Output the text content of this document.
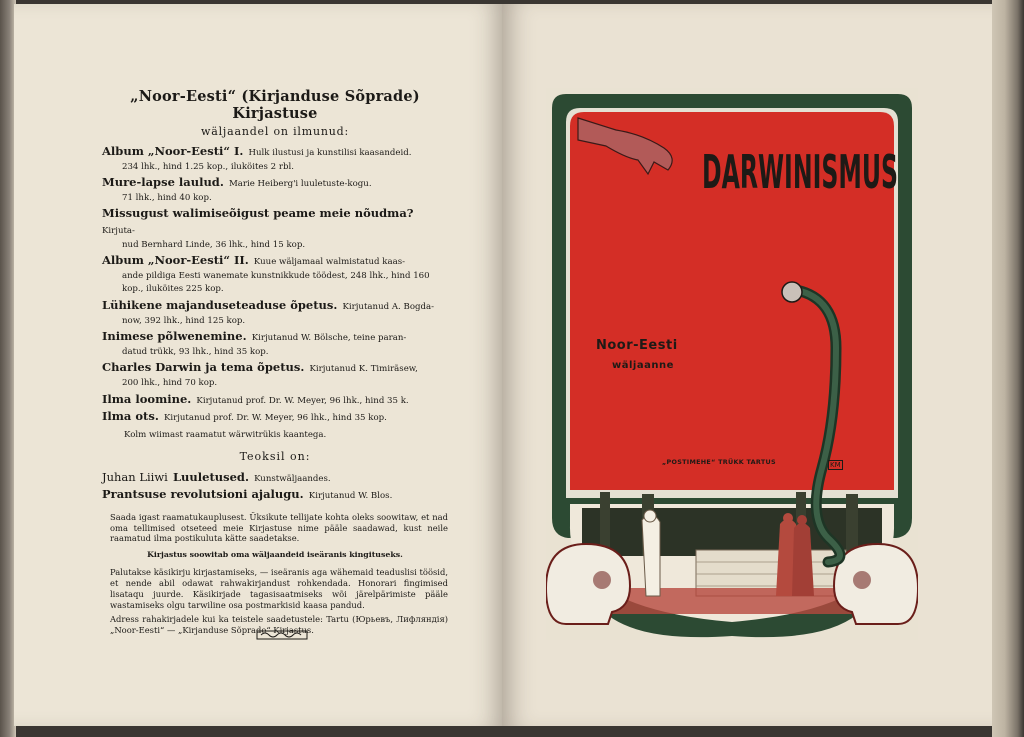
„Noor-Eesti“ (Kirjanduse Sõprade) Kirjastuse

wäljaandel on ilmunud:

Album „Noor-Eesti“ I. Hulk ilustusi ja kunstilisi kaasandeid.
234 lhk., hind 1.25 kop., iluköites 2 rbl.
Mure-lapse laulud. Marie Heiberg'i luuletuste-kogu.
71 lhk., hind 40 kop.
Missugust walimiseõigust peame meie nõudma? Kirjuta-
nud Bernhard Linde, 36 lhk., hind 15 kop.
Album „Noor-Eesti“ II. Kuue wäljamaal walmistatud kaas-
ande pildiga Eesti wanemate kunstnikkude töödest, 248 lhk., hind 160 kop., iluköites 225 kop.
Lühikene majanduseteaduse õpetus. Kirjutanud A. Bogda-
now, 392 lhk., hind 125 kop.
Inimese põlwenemine. Kirjutanud W. Bölsche, teine paran-
datud trükk, 93 lhk., hind 35 kop.
Charles Darwin ja tema õpetus. Kirjutanud K. Timirãsew,
200 lhk., hind 70 kop.
Ilma loomine. Kirjutanud prof. Dr. W. Meyer, 96 lhk., hind 35 k.
Ilma ots. Kirjutanud prof. Dr. W. Meyer, 96 lhk., hind 35 kop.

Kolm wiimast raamatut wärwitrükis kaantega.

Teoksil on:

Juhan Liiwi Luuletused. Kunstwäljaandes.
Prantsuse revolutsioni ajalugu. Kirjutanud W. Blos.

Saada igast raamatukauplusest. Üksikute tellijate kohta oleks soowitaw, et nad oma tellimised otseteed meie Kirjastuse nime pääle saadawad, kust neile raamatud ilma postikuluta kätte saadetakse.

Kirjastus soowitab oma wäljaandeid iseäranis kingituseks.

Palutakse käsikirju kirjastamiseks, — iseäranis aga wähemaid teaduslisi töösid, et nende abil odawat rahwakirjandust rohkendada. Honorari fingimised lisataqu juurde. Käsikirjade tagasisaatmiseks wõi järelpärimiste pääle wastamiseks olgu tarwiline osa postmarkisid kaasa pandud.

Adress rahakirjadele kui ka teistele saadetustele: Tartu (Юрьевъ, Лифляндія) „Noor-Eesti“ — „Kirjanduse Sõprade“ Kirjastus.

DARWINISMUS
Noor-Eesti
wäljaanne
„POSTIMEHE“ TRÜKK TARTUS	KM
